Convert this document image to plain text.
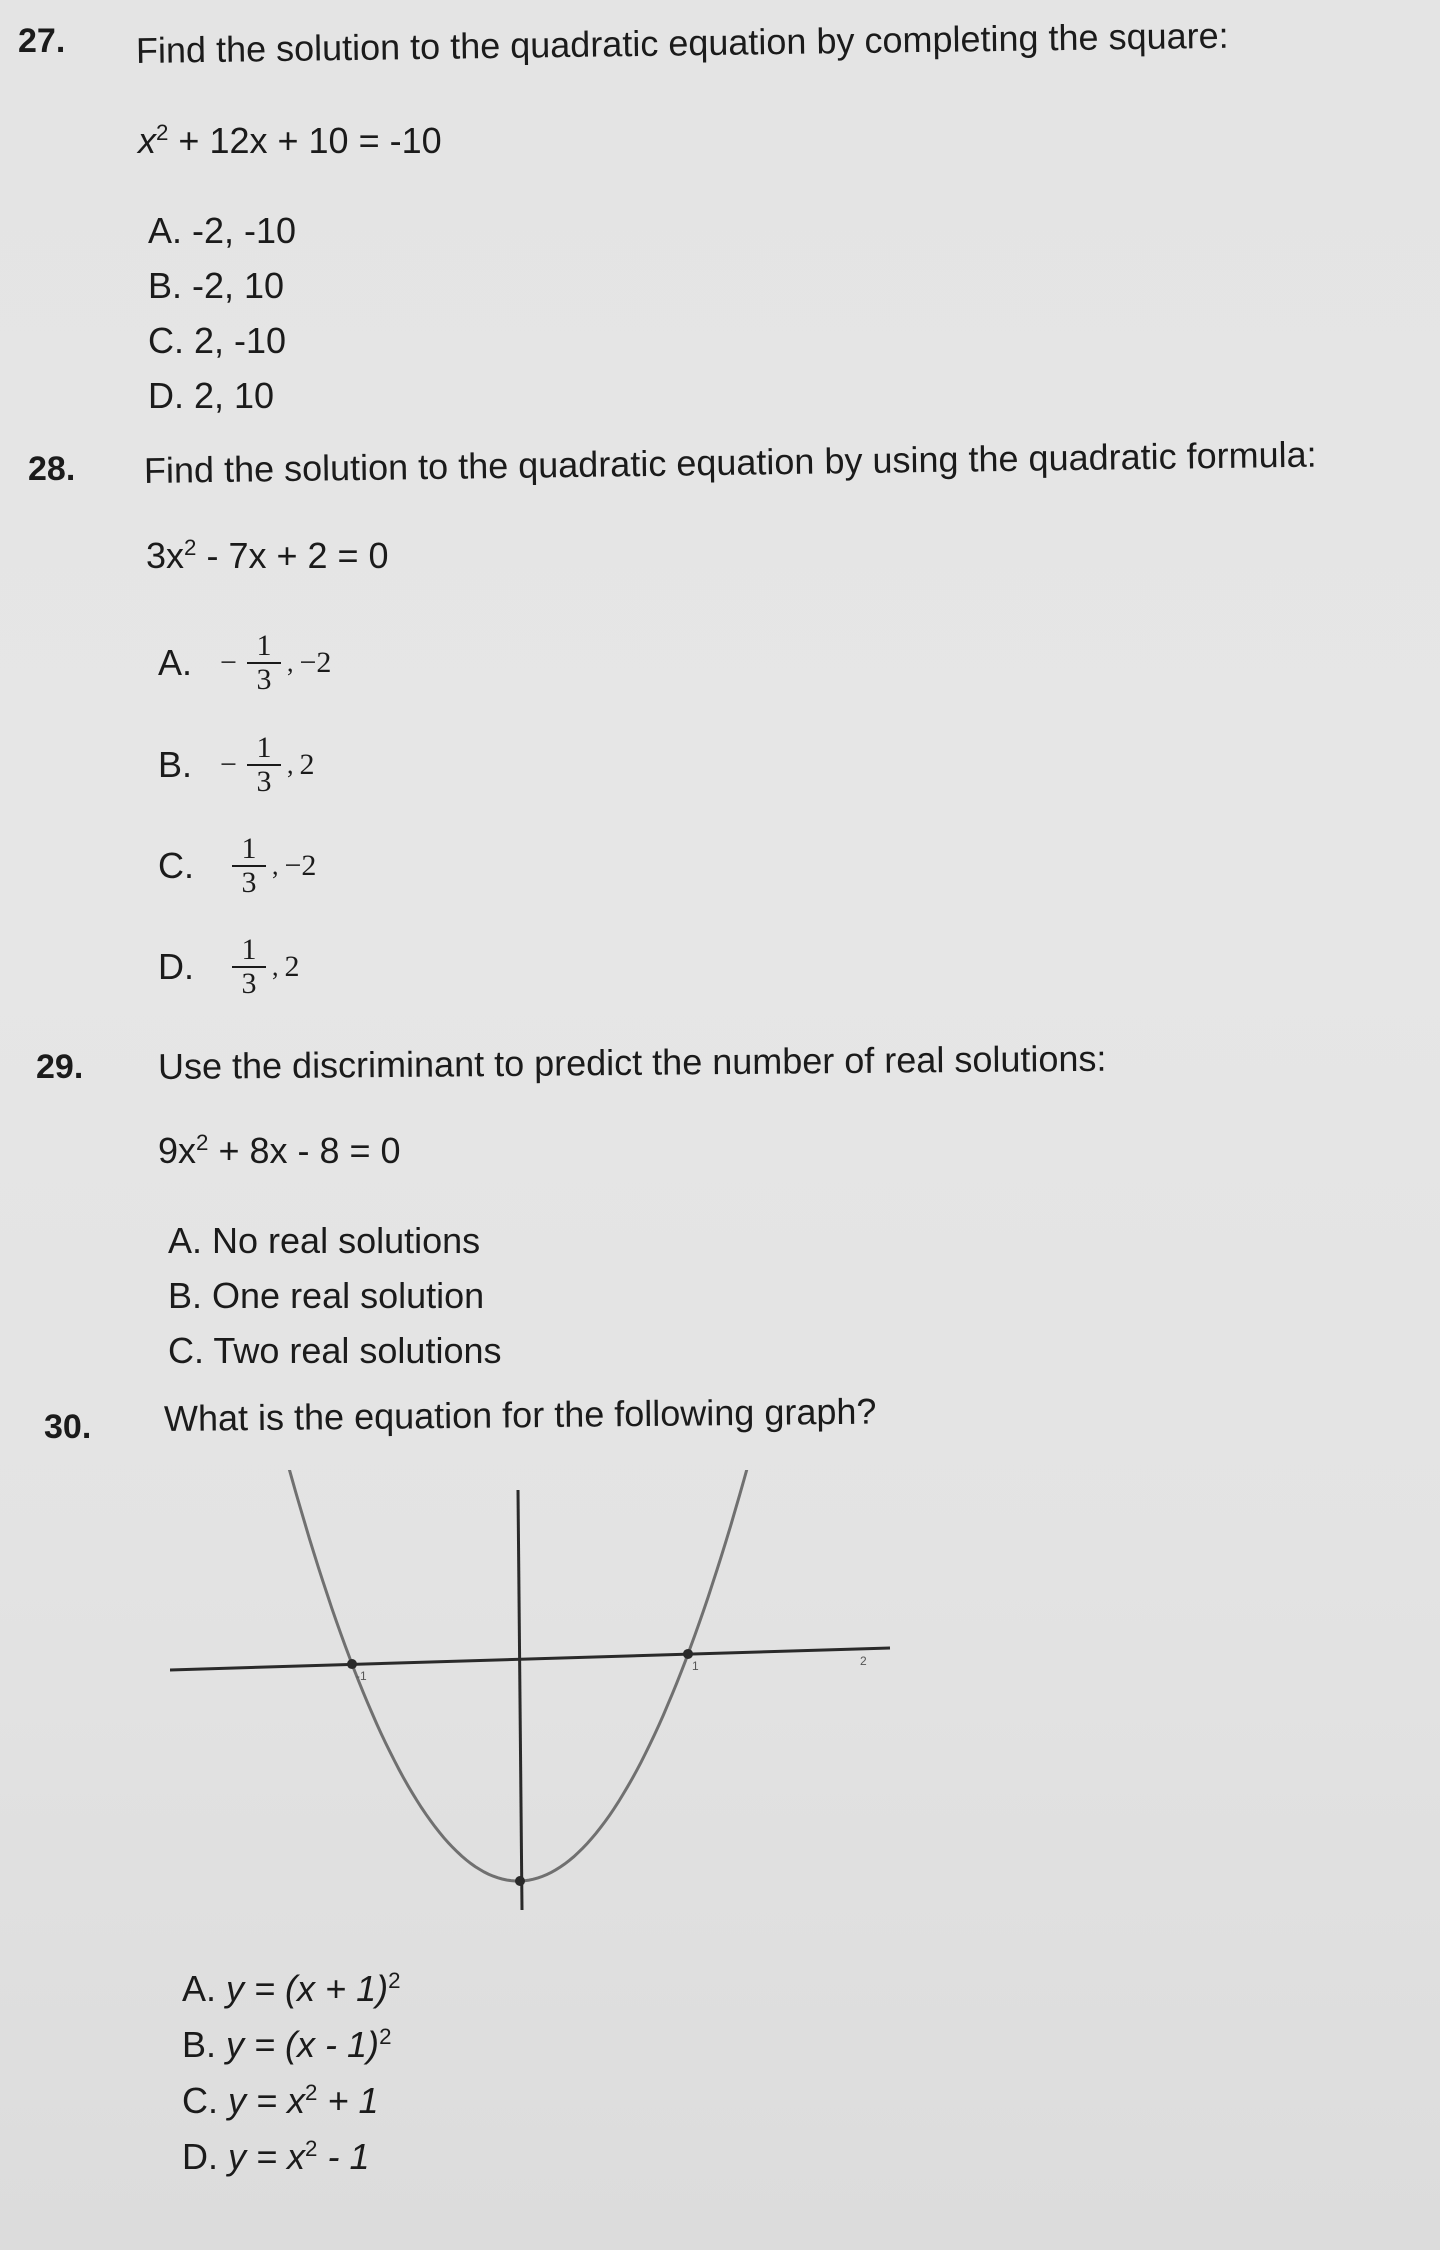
27. Find the solution to the quadratic equation by completing the square:
$x^2 + 12x + 10 = -10$
A. -2, -10
B. -2, 10
C. 2, -10
D. 2, 10
28. Find the solution to the quadratic equation by using the quadratic formula:
$3x^2 - 7x + 2 = 0$
A. − $\frac{1}{3}$ , −2
B. − $\frac{1}{3}$ , 2
C. $\frac{1}{3}$ , −2
D. $\frac{1}{3}$ , 2
29. Use the discriminant to predict the number of real solutions:
$9x^2 + 8x - 8 = 0$
A. No real solutions
B. One real solution
C. Two real solutions
30. What is the equation for the following graph?
-1
1	2
A. $y = (x + 1)^2$
B. y = (x - 1)$^2$
C. $y = x^2 + 1$
D. $y = x^2 - 1$
